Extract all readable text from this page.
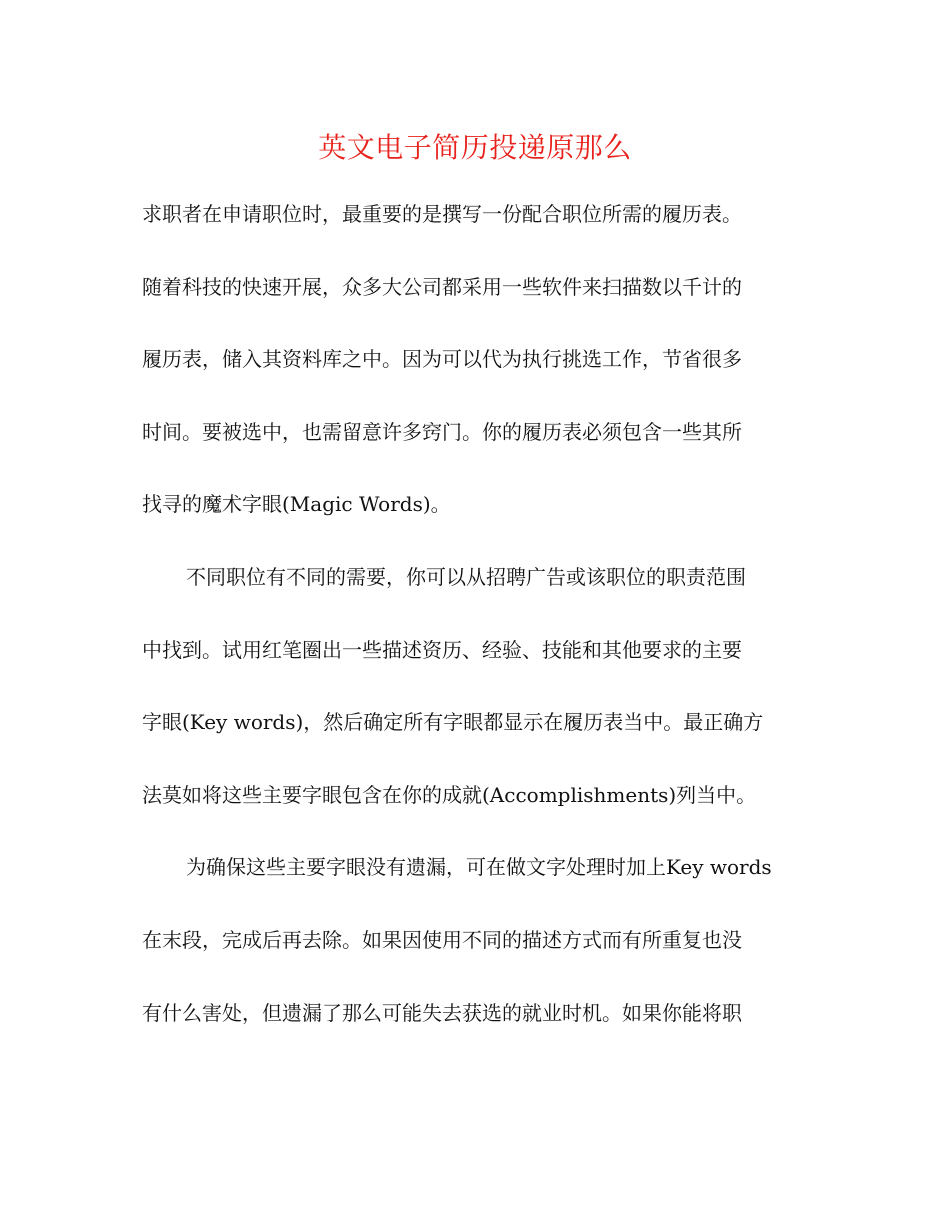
英文电子简历投递原那么
求职者在申请职位时，最重要的是撰写一份配合职位所需的履历表。
随着科技的快速开展，众多大公司都采用一些软件来扫描数以千计的
履历表，储入其资料库之中。因为可以代为执行挑选工作，节省很多
时间。要被选中，也需留意许多窍门。你的履历表必须包含一些其所
找寻的魔术字眼(Magic Words)。
不同职位有不同的需要，你可以从招聘广告或该职位的职责范围
中找到。试用红笔圈出一些描述资历、经验、技能和其他要求的主要
字眼(Key words)，然后确定所有字眼都显示在履历表当中。最正确方
法莫如将这些主要字眼包含在你的成就(Accomplishments)列当中。
为确保这些主要字眼没有遗漏，可在做文字处理时加上Key words
在末段，完成后再去除。如果因使用不同的描述方式而有所重复也没
有什么害处，但遗漏了那么可能失去获选的就业时机。如果你能将职
